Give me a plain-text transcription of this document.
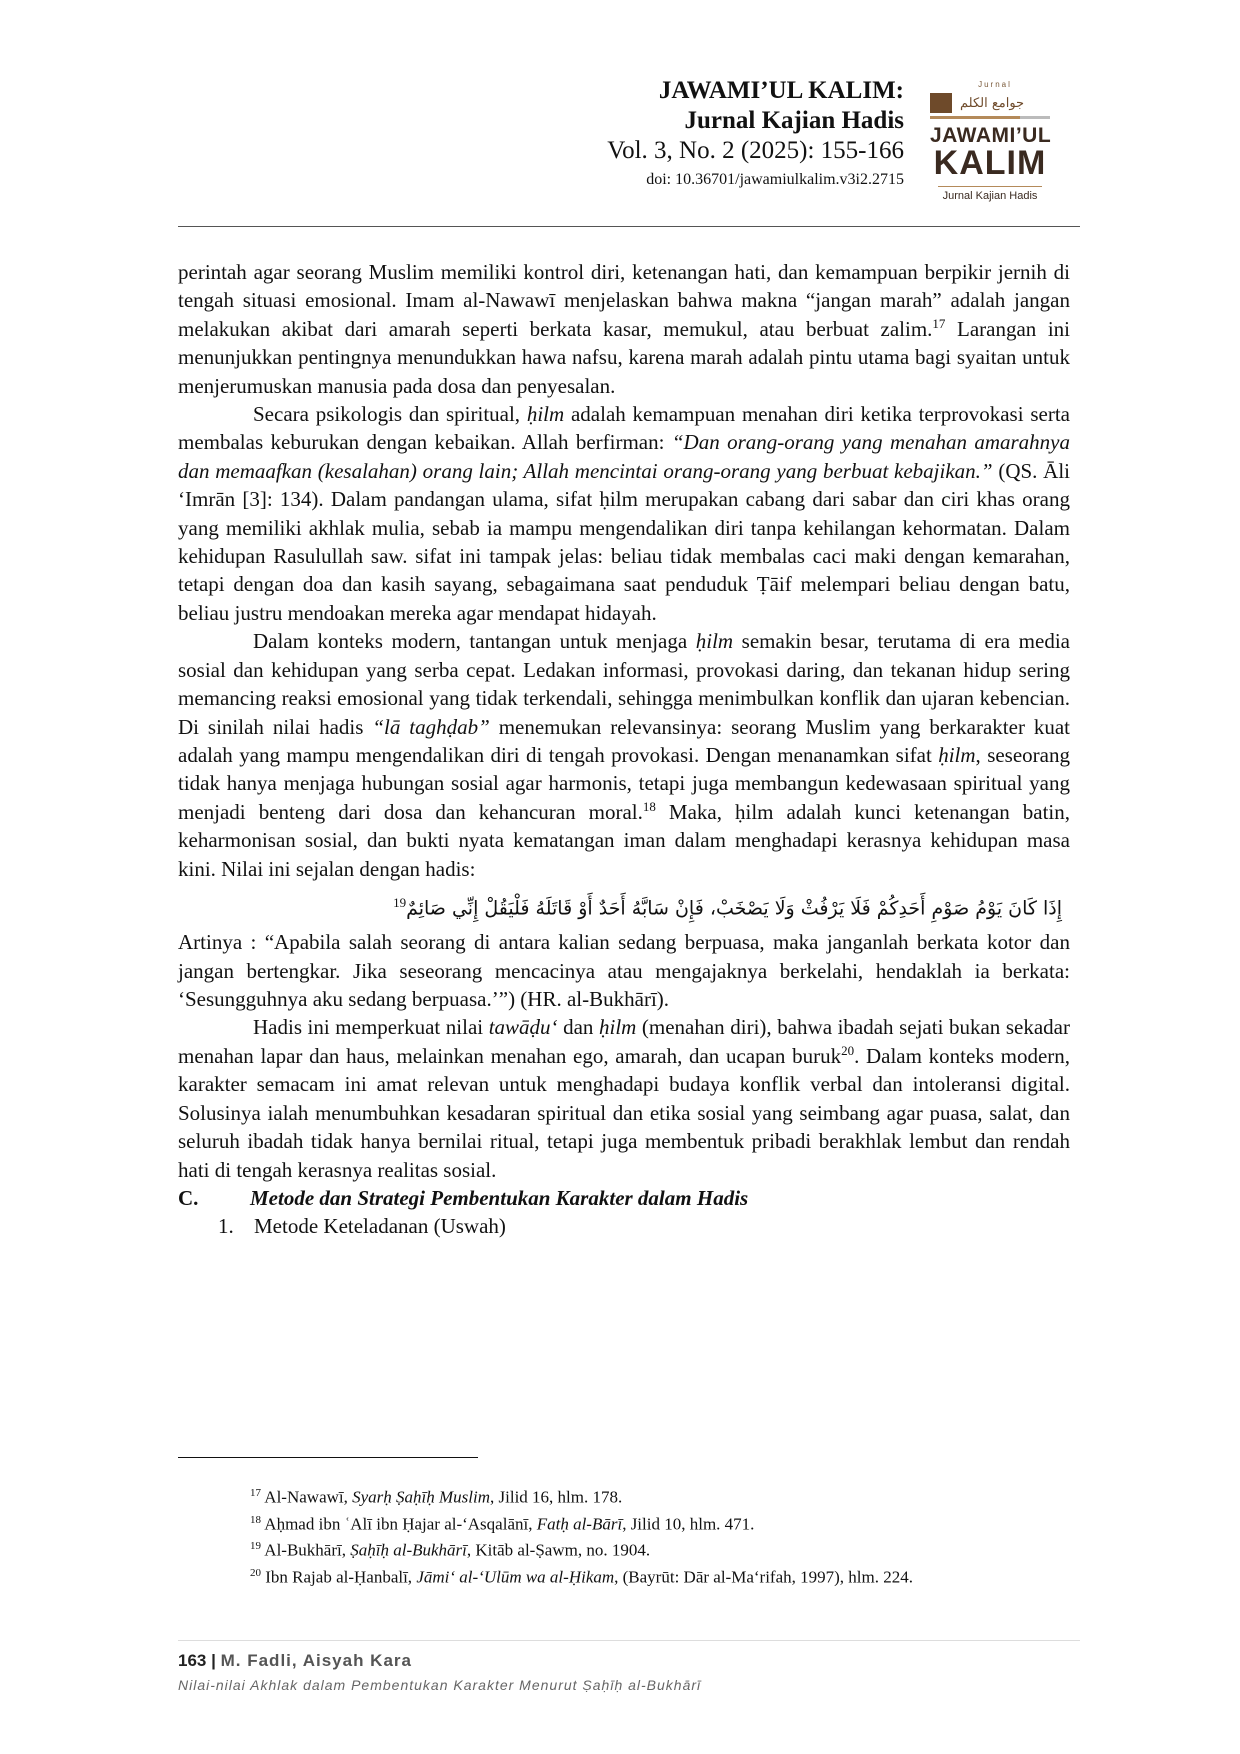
JAWAMI’UL KALIM:
Jurnal Kajian Hadis
Vol. 3, No. 2 (2025): 155-166
doi: 10.36701/jawamiulkalim.v3i2.2715
Jurnal
جوامع الكلم
JAWAMI’UL
KALIM
Jurnal Kajian Hadis

perintah agar seorang Muslim memiliki kontrol diri, ketenangan hati, dan kemampuan berpikir jernih di tengah situasi emosional. Imam al-Nawawī menjelaskan bahwa makna “jangan marah” adalah jangan melakukan akibat dari amarah seperti berkata kasar, memukul, atau berbuat zalim.$^{17}$ Larangan ini menunjukkan pentingnya menundukkan hawa nafsu, karena marah adalah pintu utama bagi syaitan untuk menjerumuskan manusia pada dosa dan penyesalan.

Secara psikologis dan spiritual, ḥilm adalah kemampuan menahan diri ketika terprovokasi serta membalas keburukan dengan kebaikan. Allah berfirman: “Dan orang-orang yang menahan amarahnya dan memaafkan (kesalahan) orang lain; Allah mencintai orang-orang yang berbuat kebajikan.” (QS. Āli ‘Imrān [3]: 134). Dalam pandangan ulama, sifat ḥilm merupakan cabang dari sabar dan ciri khas orang yang memiliki akhlak mulia, sebab ia mampu mengendalikan diri tanpa kehilangan kehormatan. Dalam kehidupan Rasulullah saw. sifat ini tampak jelas: beliau tidak membalas caci maki dengan kemarahan, tetapi dengan doa dan kasih sayang, sebagaimana saat penduduk Ṭāif melempari beliau dengan batu, beliau justru mendoakan mereka agar mendapat hidayah.

Dalam konteks modern, tantangan untuk menjaga ḥilm semakin besar, terutama di era media sosial dan kehidupan yang serba cepat. Ledakan informasi, provokasi daring, dan tekanan hidup sering memancing reaksi emosional yang tidak terkendali, sehingga menimbulkan konflik dan ujaran kebencian. Di sinilah nilai hadis “lā taghḍab” menemukan relevansinya: seorang Muslim yang berkarakter kuat adalah yang mampu mengendalikan diri di tengah provokasi. Dengan menanamkan sifat ḥilm, seseorang tidak hanya menjaga hubungan sosial agar harmonis, tetapi juga membangun kedewasaan spiritual yang menjadi benteng dari dosa dan kehancuran moral.$^{18}$ Maka, ḥilm adalah kunci ketenangan batin, keharmonisan sosial, dan bukti nyata kematangan iman dalam menghadapi kerasnya kehidupan masa kini. Nilai ini sejalan dengan hadis:

إِذَا كَانَ يَوْمُ صَوْمِ أَحَدِكُمْ فَلَا يَرْفُثْ وَلَا يَصْخَبْ، فَإِنْ سَابَّهُ أَحَدٌ أَوْ قَاتَلَهُ فَلْيَقُلْ إِنِّي صَائِمٌ$^{19}$

Artinya : “Apabila salah seorang di antara kalian sedang berpuasa, maka janganlah berkata kotor dan jangan bertengkar. Jika seseorang mencacinya atau mengajaknya berkelahi, hendaklah ia berkata: ‘Sesungguhnya aku sedang berpuasa.’”) (HR. al-Bukhārī).

Hadis ini memperkuat nilai tawāḍu‘ dan ḥilm (menahan diri), bahwa ibadah sejati bukan sekadar menahan lapar dan haus, melainkan menahan ego, amarah, dan ucapan buruk$^{20}$. Dalam konteks modern, karakter semacam ini amat relevan untuk menghadapi budaya konflik verbal dan intoleransi digital. Solusinya ialah menumbuhkan kesadaran spiritual dan etika sosial yang seimbang agar puasa, salat, dan seluruh ibadah tidak hanya bernilai ritual, tetapi juga membentuk pribadi berakhlak lembut dan rendah hati di tengah kerasnya realitas sosial.

C.	Metode dan Strategi Pembentukan Karakter dalam Hadis
1. Metode Keteladanan (Uswah)
$^{17}$ Al-Nawawī, Syarḥ Ṣaḥīḥ Muslim, Jilid 16, hlm. 178.
$^{18}$ Aḥmad ibn ʿAlī ibn Ḥajar al-‘Asqalānī, Fatḥ al-Bārī, Jilid 10, hlm. 471.
$^{19}$ Al-Bukhārī, Ṣaḥīḥ al-Bukhārī, Kitāb al-Ṣawm, no. 1904.
$^{20}$ Ibn Rajab al-Ḥanbalī, Jāmi‘ al-‘Ulūm wa al-Ḥikam, (Bayrūt: Dār al-Ma‘rifah, 1997), hlm. 224.
163 | M. Fadli, Aisyah Kara
Nilai-nilai Akhlak dalam Pembentukan Karakter Menurut Ṣaḥīḥ al-Bukhārī
